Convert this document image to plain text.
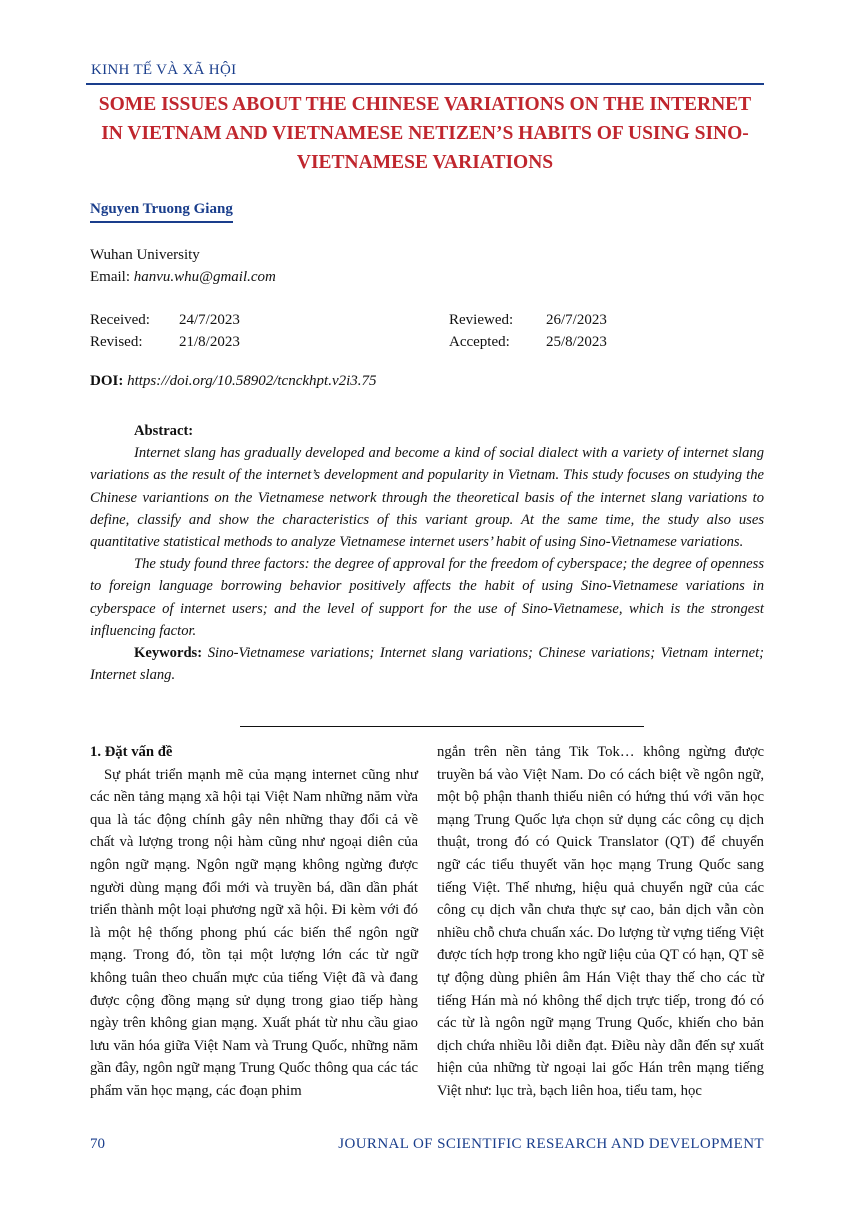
KINH TẾ VÀ XÃ HỘI
SOME ISSUES ABOUT THE CHINESE VARIATIONS ON THE INTERNET IN VIETNAM AND VIETNAMESE NETIZEN’S HABITS OF USING SINO-VIETNAMESE VARIATIONS
Nguyen Truong Giang
Wuhan University
Email: hanvu.whu@gmail.com
Received: 24/7/2023	Reviewed: 26/7/2023
Revised: 21/8/2023	Accepted: 25/8/2023
DOI: https://doi.org/10.58902/tcnckhpt.v2i3.75

Abstract:

Internet slang has gradually developed and become a kind of social dialect with a variety of internet slang variations as the result of the internet’s development and popularity in Vietnam. This study focuses on studying the Chinese variantions on the Vietnamese network through the theoretical basis of the internet slang variations to define, classify and show the characteristics of this variant group. At the same time, the study also uses quantitative statistical methods to analyze Vietnamese internet users’ habit of using Sino-Vietnamese variations.

The study found three factors: the degree of approval for the freedom of cyberspace; the degree of openness to foreign language borrowing behavior positively affects the habit of using Sino-Vietnamese variations in cyberspace of internet users; and the level of support for the use of Sino-Vietnamese, which is the strongest influencing factor.

Keywords: Sino-Vietnamese variations; Internet slang variations; Chinese variations; Vietnam internet; Internet slang.

1. Đặt vấn đề

Sự phát triển mạnh mẽ của mạng internet cũng như các nền tảng mạng xã hội tại Việt Nam những năm vừa qua là tác động chính gây nên những thay đổi cả về chất và lượng trong nội hàm cũng như ngoại diên của ngôn ngữ mạng. Ngôn ngữ mạng không ngừng được người dùng mạng đổi mới và truyền bá, dần dần phát triển thành một loại phương ngữ xã hội. Đi kèm với đó là một hệ thống phong phú các biến thể ngôn ngữ mạng. Trong đó, tồn tại một lượng lớn các từ ngữ không tuân theo chuẩn mực của tiếng Việt đã và đang được cộng đồng mạng sử dụng trong giao tiếp hàng ngày trên không gian mạng. Xuất phát từ nhu cầu giao lưu văn hóa giữa Việt Nam và Trung Quốc, những năm gần đây, ngôn ngữ mạng Trung Quốc thông qua các tác phẩm văn học mạng, các đoạn phim

ngắn trên nền tảng Tik Tok… không ngừng được truyền bá vào Việt Nam. Do có cách biệt về ngôn ngữ, một bộ phận thanh thiếu niên có hứng thú với văn học mạng Trung Quốc lựa chọn sử dụng các công cụ dịch thuật, trong đó có Quick Translator (QT) để chuyển ngữ các tiểu thuyết văn học mạng Trung Quốc sang tiếng Việt. Thế nhưng, hiệu quả chuyển ngữ của các công cụ dịch vẫn chưa thực sự cao, bản dịch vẫn còn nhiều chỗ chưa chuẩn xác. Do lượng từ vựng tiếng Việt được tích hợp trong kho ngữ liệu của QT có hạn, QT sẽ tự động dùng phiên âm Hán Việt thay thế cho các từ tiếng Hán mà nó không thể dịch trực tiếp, trong đó có các từ là ngôn ngữ mạng Trung Quốc, khiến cho bản dịch chứa nhiều lỗi diễn đạt. Điều này dẫn đến sự xuất hiện của những từ ngoại lai gốc Hán trên mạng tiếng Việt như: lục trà, bạch liên hoa, tiểu tam, học

70	JOURNAL OF SCIENTIFIC RESEARCH AND DEVELOPMENT
